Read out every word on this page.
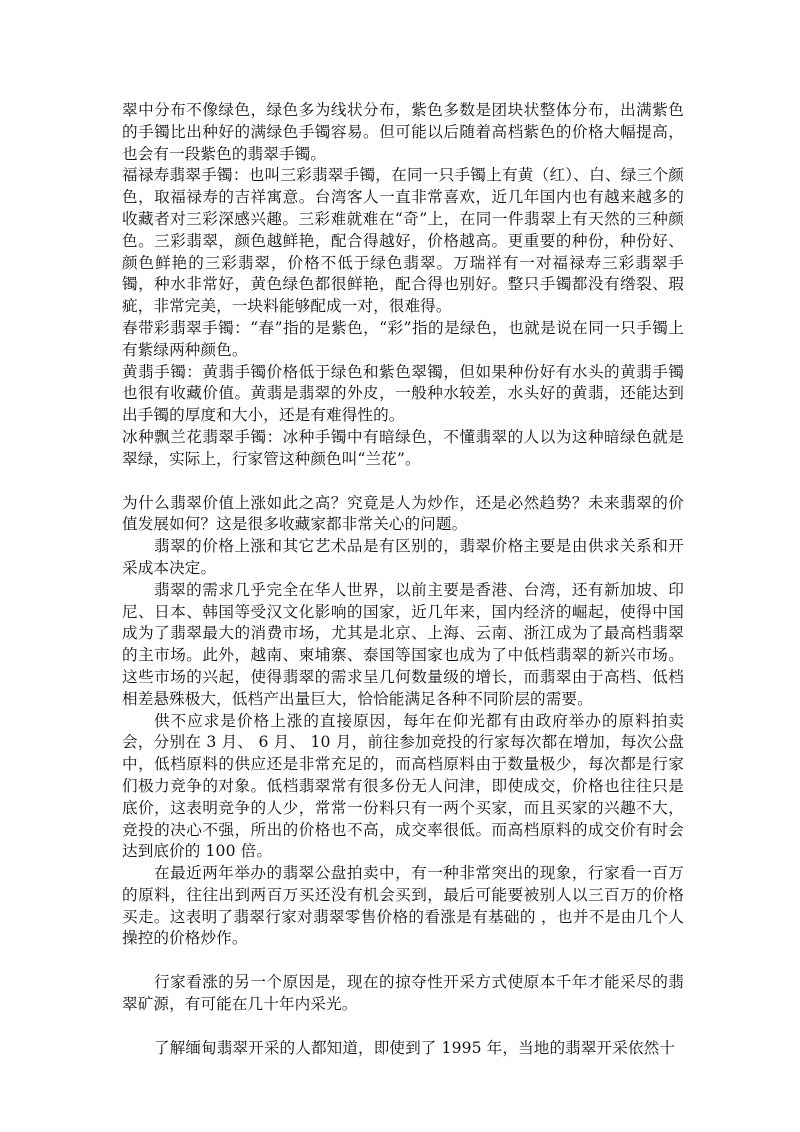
翠中分布不像绿色，绿色多为线状分布，紫色多数是团块状整体分布，出满紫色的手镯比出种好的满绿色手镯容易。但可能以后随着高档紫色的价格大幅提高，也会有一段紫色的翡翠手镯。

福禄寿翡翠手镯：也叫三彩翡翠手镯，在同一只手镯上有黄（红）、白、绿三个颜色，取福禄寿的吉祥寓意。台湾客人一直非常喜欢，近几年国内也有越来越多的收藏者对三彩深感兴趣。三彩难就难在“奇”上，在同一件翡翠上有天然的三种颜色。三彩翡翠，颜色越鲜艳，配合得越好，价格越高。更重要的种份，种份好、颜色鲜艳的三彩翡翠，价格不低于绿色翡翠。万瑞祥有一对福禄寿三彩翡翠手镯，种水非常好，黄色绿色都很鲜艳，配合得也别好。整只手镯都没有绺裂、瑕疵，非常完美，一块料能够配成一对，很难得。

春带彩翡翠手镯：“春”指的是紫色，“彩”指的是绿色，也就是说在同一只手镯上有紫绿两种颜色。

黄翡手镯：黄翡手镯价格低于绿色和紫色翠镯，但如果种份好有水头的黄翡手镯也很有收藏价值。黄翡是翡翠的外皮，一般种水较差，水头好的黄翡，还能达到出手镯的厚度和大小，还是有难得性的。

冰种飘兰花翡翠手镯：冰种手镯中有暗绿色，不懂翡翠的人以为这种暗绿色就是翠绿，实际上，行家管这种颜色叫“兰花”。

为什么翡翠价值上涨如此之高？究竟是人为炒作，还是必然趋势？未来翡翠的价值发展如何？这是很多收藏家都非常关心的问题。

翡翠的价格上涨和其它艺术品是有区别的，翡翠价格主要是由供求关系和开采成本决定。

翡翠的需求几乎完全在华人世界，以前主要是香港、台湾，还有新加坡、印尼、日本、韩国等受汉文化影响的国家，近几年来，国内经济的崛起，使得中国成为了翡翠最大的消费市场，尤其是北京、上海、云南、浙江成为了最高档翡翠的主市场。此外，越南、柬埔寨、泰国等国家也成为了中低档翡翠的新兴市场。这些市场的兴起，使得翡翠的需求呈几何数量级的增长，而翡翠由于高档、低档相差悬殊极大，低档产出量巨大，恰恰能满足各种不同阶层的需要。

供不应求是价格上涨的直接原因，每年在仰光都有由政府举办的原料拍卖会，分别在 3 月、 6 月、 10 月，前往参加竞投的行家每次都在增加，每次公盘中，低档原料的供应还是非常充足的，而高档原料由于数量极少，每次都是行家们极力竞争的对象。低档翡翠常有很多份无人问津，即使成交，价格也往往只是底价，这表明竞争的人少，常常一份料只有一两个买家，而且买家的兴趣不大，竞投的决心不强，所出的价格也不高，成交率很低。而高档原料的成交价有时会达到底价的 100 倍。

在最近两年举办的翡翠公盘拍卖中，有一种非常突出的现象，行家看一百万的原料，往往出到两百万买还没有机会买到，最后可能要被别人以三百万的价格买走。这表明了翡翠行家对翡翠零售价格的看涨是有基础的 ，也并不是由几个人操控的价格炒作。

行家看涨的另一个原因是，现在的掠夺性开采方式使原本千年才能采尽的翡翠矿源，有可能在几十年内采光。

了解缅甸翡翠开采的人都知道，即使到了 1995 年，当地的翡翠开采依然十
